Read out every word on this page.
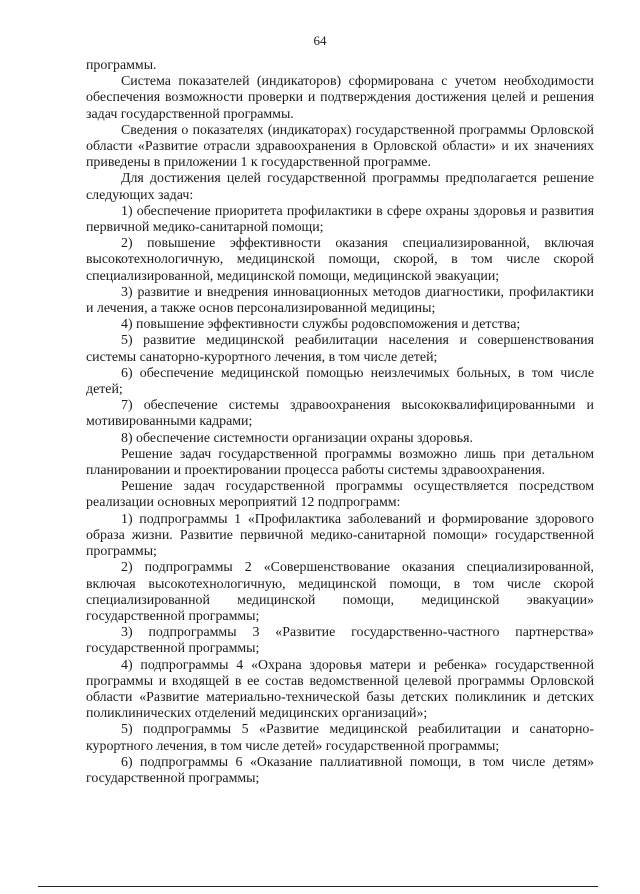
64

программы.

Система показателей (индикаторов) сформирована с учетом необходимости обеспечения возможности проверки и подтверждения достижения целей и решения задач государственной программы.

Сведения о показателях (индикаторах) государственной программы Орловской области «Развитие отрасли здравоохранения в Орловской области» и их значениях приведены в приложении 1 к государственной программе.

Для достижения целей государственной программы предполагается решение следующих задач:

1) обеспечение приоритета профилактики в сфере охраны здоровья и развития первичной медико-санитарной помощи;

2) повышение эффективности оказания специализированной, включая высокотехнологичную, медицинской помощи, скорой, в том числе скорой специализированной, медицинской помощи, медицинской эвакуации;

3) развитие и внедрения инновационных методов диагностики, профилактики и лечения, а также основ персонализированной медицины;

4) повышение эффективности службы родовспоможения и детства;

5) развитие медицинской реабилитации населения и совершенствования системы санаторно-курортного лечения, в том числе детей;

6) обеспечение медицинской помощью неизлечимых больных, в том числе детей;

7) обеспечение системы здравоохранения высококвалифицированными и мотивированными кадрами;

8) обеспечение системности организации охраны здоровья.

Решение задач государственной программы возможно лишь при детальном планировании и проектировании процесса работы системы здравоохранения.

Решение задач государственной программы осуществляется посредством реализации основных мероприятий 12 подпрограмм:

1) подпрограммы 1 «Профилактика заболеваний и формирование здорового образа жизни. Развитие первичной медико-санитарной помощи» государственной программы;

2) подпрограммы 2 «Совершенствование оказания специализированной, включая высокотехнологичную, медицинской помощи, в том числе скорой специализированной медицинской помощи, медицинской эвакуации» государственной программы;

3) подпрограммы 3 «Развитие государственно-частного партнерства» государственной программы;

4) подпрограммы 4 «Охрана здоровья матери и ребенка» государственной программы и входящей в ее состав ведомственной целевой программы Орловской области «Развитие материально-технической базы детских поликлиник и детских поликлинических отделений медицинских организаций»;

5) подпрограммы 5 «Развитие медицинской реабилитации и санаторно-курортного лечения, в том числе детей» государственной программы;

6) подпрограммы 6 «Оказание паллиативной помощи, в том числе детям» государственной программы;
